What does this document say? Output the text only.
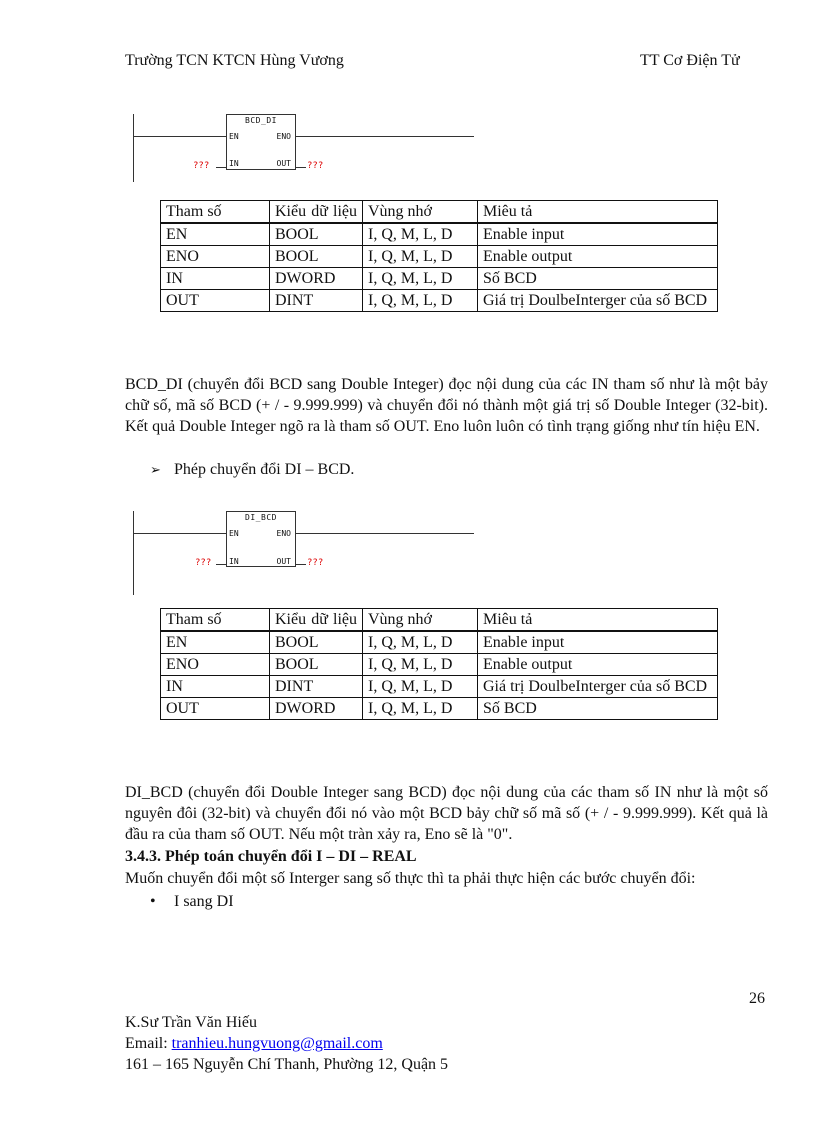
Trường TCN KTCN Hùng Vương	TT Cơ Điện Tử
BCD_DI
EN	ENO
IN	OUT
???	???
Tham số	Kiểu dữ liệu	Vùng nhớ	Miêu tả
EN	BOOL	I, Q, M, L, D	Enable input
ENO	BOOL	I, Q, M, L, D	Enable output
IN	DWORD	I, Q, M, L, D	Số BCD
OUT	DINT	I, Q, M, L, D	Giá trị DoulbeInterger của số BCD
BCD_DI (chuyển đổi BCD sang Double Integer) đọc nội dung của các IN tham số như là một bảy chữ số, mã số BCD (+ / - 9.999.999) và chuyển đổi nó thành một giá trị số Double Integer (32-bit). Kết quả Double Integer ngõ ra là tham số OUT. Eno luôn luôn có tình trạng giống như tín hiệu EN.
➢ Phép chuyển đổi DI – BCD.
DI_BCD
EN	ENO
IN	OUT
???	???
Tham số	Kiểu dữ liệu	Vùng nhớ	Miêu tả
EN	BOOL	I, Q, M, L, D	Enable input
ENO	BOOL	I, Q, M, L, D	Enable output
IN	DINT	I, Q, M, L, D	Giá trị DoulbeInterger của số BCD
OUT	DWORD	I, Q, M, L, D	Số BCD
DI_BCD (chuyển đổi Double Integer sang BCD) đọc nội dung của các tham số IN như là một số nguyên đôi (32-bit) và chuyển đổi nó vào một BCD bảy chữ số mã số (+ / - 9.999.999). Kết quả là đầu ra của tham số OUT. Nếu một tràn xảy ra, Eno sẽ là "0".
3.4.3. Phép toán chuyển đổi I – DI – REAL
Muốn chuyển đổi một số Interger sang số thực thì ta phải thực hiện các bước chuyển đổi:
• I sang DI
26
K.Sư Trần Văn Hiếu
Email: tranhieu.hungvuong@gmail.com
161 – 165 Nguyễn Chí Thanh, Phường 12, Quận 5
